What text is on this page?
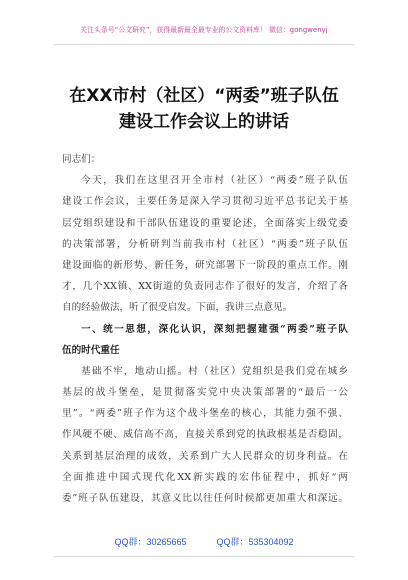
关注头条号“公文研究”，获得最新最全最专业的公文资料库！ 微信：gongwenyj
在XX市村（社区）“两委”班子队伍
建设工作会议上的讲话
同志们：
今天，我们在这里召开全市村（社区）“两委”班子队伍
建设工作会议，主要任务是深入学习贯彻习近平总书记关于基
层党组织建设和干部队伍建设的重要论述，全面落实上级党委
的决策部署，分析研判当前我市村（社区）“两委”班子队伍
建设面临的新形势、新任务，研究部署下一阶段的重点工作。刚
才，几个XX镇、XX街道的负责同志作了很好的发言，介绍了各
自的经验做法，听了很受启发。下面，我讲三点意见。
一、统一思想，深化认识，深刻把握建强“两委”班子队
伍的时代重任
基础不牢，地动山摇。村（社区）党组织是我们党在城乡
基层的战斗堡垒，是贯彻落实党中央决策部署的“最后一公
里”。“两委”班子作为这个战斗堡垒的核心，其能力强不强、
作风硬不硬、威信高不高，直接关系到党的执政根基是否稳固，
关系到基层治理的成效，关系到广大人民群众的切身利益。在
全面推进中国式现代化XX新实践的宏伟征程中，抓好“两
委”班子队伍建设，其意义比以往任何时候都更加重大和深远。
QQ群：30265665	QQ群：535304092
